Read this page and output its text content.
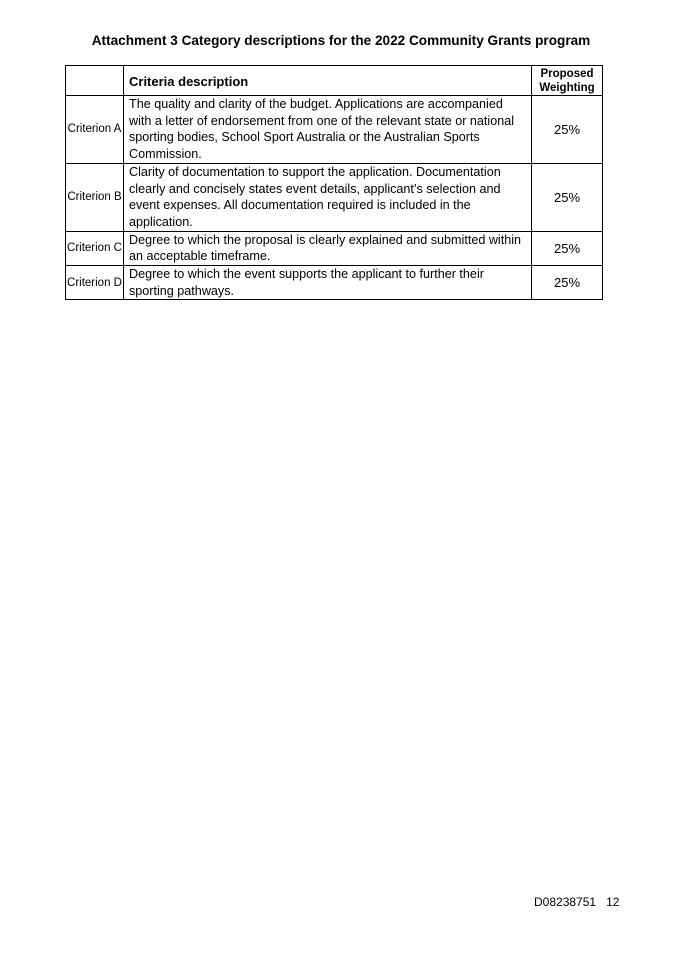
Attachment 3 Category descriptions for the 2022 Community Grants program
	Criteria description	Proposed Weighting
Criterion A	The quality and clarity of the budget. Applications are accompanied with a letter of endorsement from one of the relevant state or national sporting bodies, School Sport Australia or the Australian Sports Commission.	25%
Criterion B	Clarity of documentation to support the application. Documentation clearly and concisely states event details, applicant’s selection and event expenses. All documentation required is included in the application.	25%
Criterion C	Degree to which the proposal is clearly explained and submitted within an acceptable timeframe.	25%
Criterion D	Degree to which the event supports the applicant to further their sporting pathways.	25%
D08238751 12
